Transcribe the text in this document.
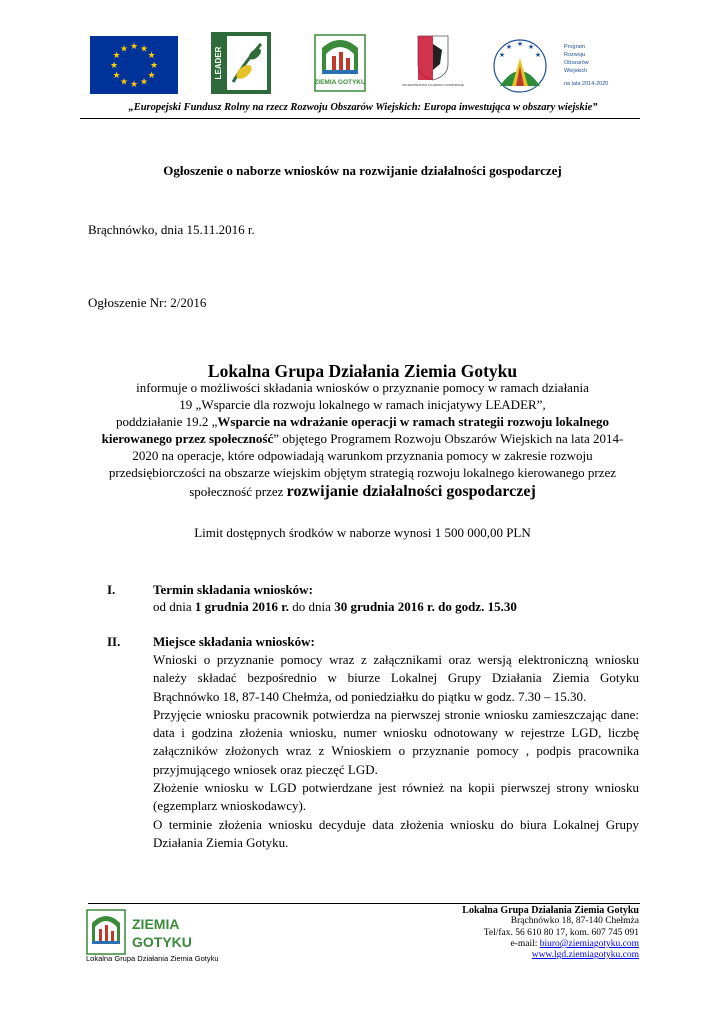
★ ★
★
★
★
★
★
★
★
★
★
★	LEADER
ZIEMIA GOTYKU	WOJEWÓDZTWO KUJAWSKO-POMORSKIE
★ ★
★
★
★
Program
Rozwoju
Obszarów
Wiejskich
na lata 2014-2020
„Europejski Fundusz Rolny na rzecz Rozwoju Obszarów Wiejskich: Europa inwestująca w obszary wiejskie”
Ogłoszenie o naborze wniosków na rozwijanie działalności gospodarczej
Brąchnówko, dnia 15.11.2016 r.
Ogłoszenie Nr: 2/2016
Lokalna Grupa Działania Ziemia Gotyku
informuje o możliwości składania wniosków o przyznanie pomocy w ramach działania
19 „Wsparcie dla rozwoju lokalnego w ramach inicjatywy LEADER”,
poddziałanie 19.2 „Wsparcie na wdrażanie operacji w ramach strategii rozwoju lokalnego
kierowanego przez społeczność” objętego Programem Rozwoju Obszarów Wiejskich na lata 2014-
2020 na operacje, które odpowiadają warunkom przyznania pomocy w zakresie rozwoju
przedsiębiorczości na obszarze wiejskim objętym strategią rozwoju lokalnego kierowanego przez
społeczność przez rozwijanie działalności gospodarczej
Limit dostępnych środków w naborze wynosi 1 500 000,00 PLN
I.	Termin składania wniosków:
od dnia 1 grudnia 2016 r. do dnia 30 grudnia 2016 r. do godz. 15.30
II.	Miejsce składania wniosków:

Wnioski o przyznanie pomocy wraz z załącznikami oraz wersją elektroniczną wniosku należy składać bezpośrednio w biurze Lokalnej Grupy Działania Ziemia Gotyku Brąchnówko 18, 87-140 Chełmża, od poniedziałku do piątku w godz. 7.30 – 15.30.

Przyjęcie wniosku pracownik potwierdza na pierwszej stronie wniosku zamieszczając dane: data i godzina złożenia wniosku, numer wniosku odnotowany w rejestrze LGD, liczbę załączników złożonych wraz z Wnioskiem o przyznanie pomocy , podpis pracownika przyjmującego wniosek oraz pieczęć LGD.

Złożenie wniosku w LGD potwierdzane jest również na kopii pierwszej strony wniosku (egzemplarz wnioskodawcy).

O terminie złożenia wniosku decyduje data złożenia wniosku do biura Lokalnej Grupy Działania Ziemia Gotyku.

ZIEMIA
GOTYKU
Lokalna Grupa Działania Ziemia Gotyku
Lokalna Grupa Działania Ziemia Gotyku
Brąchnówko 18, 87-140 Chełmża
Tel/fax. 56 610 80 17, kom. 607 745 091
e-mail: biuro@ziemiagotyku.com
www.lgd.ziemiagotyku.com
